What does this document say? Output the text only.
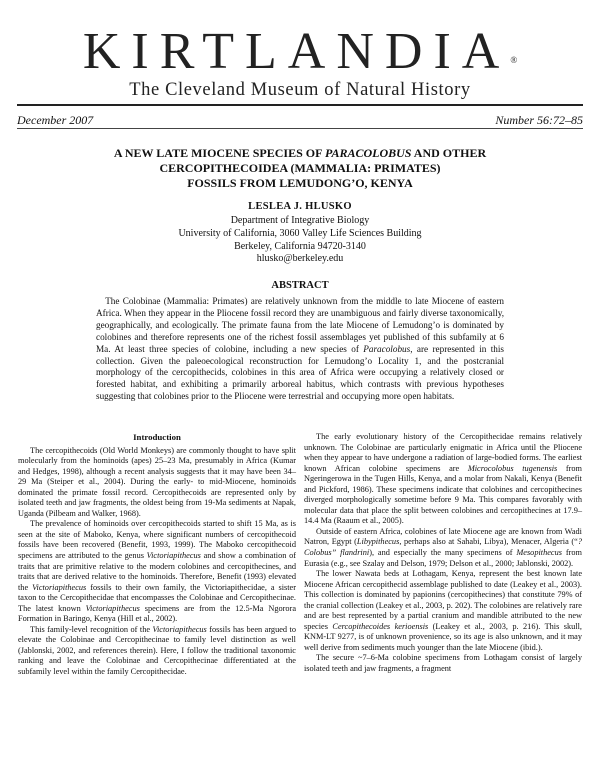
KIRTLANDIA®
The Cleveland Museum of Natural History
December 2007	Number 56:72–85
A NEW LATE MIOCENE SPECIES OF PARACOLOBUS AND OTHER
CERCOPITHECOIDEA (MAMMALIA: PRIMATES)
FOSSILS FROM LEMUDONG’O, KENYA
LESLEA J. HLUSKO
Department of Integrative Biology
University of California, 3060 Valley Life Sciences Building
Berkeley, California 94720-3140
hlusko@berkeley.edu
ABSTRACT
 The Colobinae (Mammalia: Primates) are relatively unknown from the middle to late Miocene of eastern Africa. When they appear in the Pliocene fossil record they are unambiguous and fairly diverse taxonomically, geographically, and ecologically. The primate fauna from the late Miocene of Lemudong’o is dominated by colobines and therefore represents one of the richest fossil assemblages yet published of this subfamily at 6 Ma. At least three species of colobine, including a new species of Paracolobus, are represented in this collection. Given the paleoecological reconstruction for Lemudong’o Locality 1, and the postcranial morphology of the cercopithecids, colobines in this area of Africa were occupying a relatively closed or forested habitat, and exhibiting a primarily arboreal habitus, which contrasts with previous hypotheses suggesting that colobines prior to the Pliocene were terrestrial and occupying more open habitats.
Introduction

The cercopithecoids (Old World Monkeys) are commonly thought to have split molecularly from the hominoids (apes) 25–23 Ma, presumably in Africa (Kumar and Hedges, 1998), although a recent analysis suggests that it may have been 34–29 Ma (Steiper et al., 2004). During the early- to mid-Miocene, hominoids dominated the primate fossil record. Cercopithecoids are represented only by isolated teeth and jaw fragments, the oldest being from 19-Ma sediments at Napak, Uganda (Pilbeam and Walker, 1968).

The prevalence of hominoids over cercopithecoids started to shift 15 Ma, as is seen at the site of Maboko, Kenya, where significant numbers of cercopithecoid fossils have been recovered (Benefit, 1993, 1999). The Maboko cercopithecoid specimens are attributed to the genus Victoriapithecus and show a combination of traits that are primitive relative to the modern colobines and cercopithecines, and traits that are derived relative to the hominoids. Therefore, Benefit (1993) elevated the Victoriapithecus fossils to their own family, the Victoriapithecidae, a sister taxon to the Cercopithecidae that encompasses the Colobinae and Cercopithecinae. The latest known Victoriapithecus specimens are from the 12.5-Ma Ngorora Formation in Baringo, Kenya (Hill et al., 2002).

This family-level recognition of the Victoriapithecus fossils has been argued to elevate the Colobinae and Cercopithecinae to family level distinction as well (Jablonski, 2002, and references therein). Here, I follow the traditional taxonomic ranking and leave the Colobinae and Cercopithecinae differentiated at the subfamily level within the family Cercopithecidae.

The early evolutionary history of the Cercopithecidae remains relatively unknown. The Colobinae are particularly enigmatic in Africa until the Pliocene when they appear to have undergone a radiation of large-bodied forms. The earliest known African colobine specimens are Microcolobus tugenensis from Ngeringerowa in the Tugen Hills, Kenya, and a molar from Nakali, Kenya (Benefit and Pickford, 1986). These specimens indicate that colobines and cercopithecines diverged morphologically sometime before 9 Ma. This compares favorably with molecular data that place the split between colobines and cercopithecines at 17.9–14.4 Ma (Raaum et al., 2005).

Outside of eastern Africa, colobines of late Miocene age are known from Wadi Natron, Egypt (Libypithecus, perhaps also at Sahabi, Libya), Menacer, Algeria (“?Colobus” flandrini), and especially the many specimens of Mesopithecus from Eurasia (e.g., see Szalay and Delson, 1979; Delson et al., 2000; Jablonski, 2002).

The lower Nawata beds at Lothagam, Kenya, represent the best known late Miocene African cercopithecid assemblage published to date (Leakey et al., 2003). This collection is dominated by papionins (cercopithecines) that constitute 79% of the cranial collection (Leakey et al., 2003, p. 202). The colobines are relatively rare and are best represented by a partial cranium and mandible attributed to the new species Cercopithecoides kerioensis (Leakey et al., 2003, p. 216). This skull, KNM-LT 9277, is of unknown provenience, so its age is also unknown, and it may well derive from sediments much younger than the late Miocene (ibid.).

The secure ~7–6-Ma colobine specimens from Lothagam consist of largely isolated teeth and jaw fragments, a fragment
